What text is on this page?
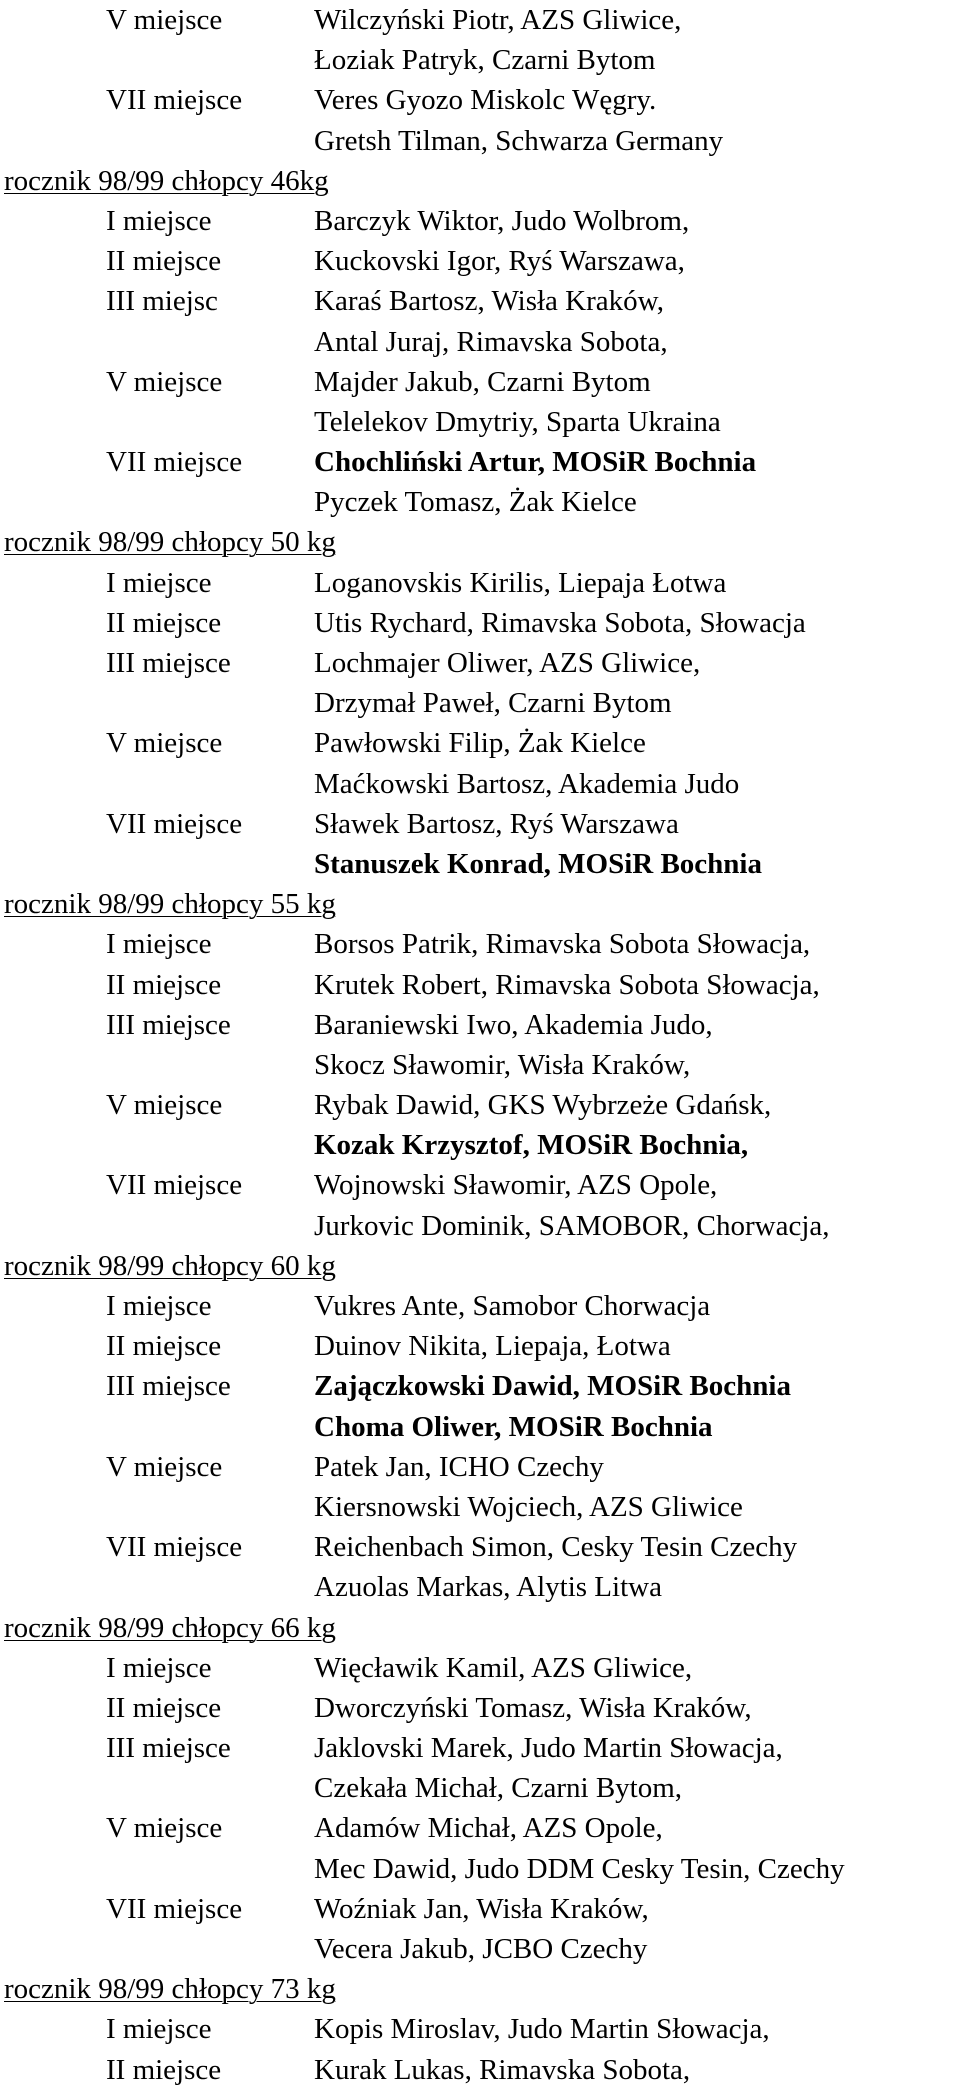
V miejsce	Wilczyński Piotr, AZS Gliwice,
Łoziak Patryk, Czarni Bytom
VII miejsce Veres Gyozo Miskolc Węgry.
Gretsh Tilman, Schwarza Germany
rocznik 98/99 chłopcy 46kg
I miejsce	Barczyk Wiktor, Judo Wolbrom,
II miejsce	Kuckovski Igor, Ryś Warszawa,
III miejsc	Karaś Bartosz, Wisła Kraków,
Antal Juraj, Rimavska Sobota,
V miejsce	Majder Jakub, Czarni Bytom
Telelekov Dmytriy, Sparta Ukraina
VII miejsce Chochliński Artur, MOSiR Bochnia
Pyczek Tomasz, Żak Kielce
rocznik 98/99 chłopcy 50 kg
I miejsce	Loganovskis Kirilis, Liepaja Łotwa
II miejsce	Utis Rychard, Rimavska Sobota, Słowacja
III miejsce	Lochmajer Oliwer, AZS Gliwice,
Drzymał Paweł, Czarni Bytom
V miejsce	Pawłowski Filip, Żak Kielce
Maćkowski Bartosz, Akademia Judo
VII miejsce Sławek Bartosz, Ryś Warszawa
Stanuszek Konrad, MOSiR Bochnia
rocznik 98/99 chłopcy 55 kg
I miejsce	Borsos Patrik, Rimavska Sobota Słowacja,
II miejsce	Krutek Robert, Rimavska Sobota Słowacja,
III miejsce	Baraniewski Iwo, Akademia Judo,
Skocz Sławomir, Wisła Kraków,
V miejsce	Rybak Dawid, GKS Wybrzeże Gdańsk,
Kozak Krzysztof, MOSiR Bochnia,
VII miejsce Wojnowski Sławomir, AZS Opole,
Jurkovic Dominik, SAMOBOR, Chorwacja,
rocznik 98/99 chłopcy 60 kg
I miejsce	Vukres Ante, Samobor Chorwacja
II miejsce	Duinov Nikita, Liepaja, Łotwa
III miejsce	Zajączkowski Dawid, MOSiR Bochnia
Choma Oliwer, MOSiR Bochnia
V miejsce	Patek Jan, ICHO Czechy
Kiersnowski Wojciech, AZS Gliwice
VII miejsce Reichenbach Simon, Cesky Tesin Czechy
Azuolas Markas, Alytis Litwa
rocznik 98/99 chłopcy 66 kg
I miejsce	Więcławik Kamil, AZS Gliwice,
II miejsce	Dworczyński Tomasz, Wisła Kraków,
III miejsce	Jaklovski Marek, Judo Martin Słowacja,
Czekała Michał, Czarni Bytom,
V miejsce	Adamów Michał, AZS Opole,
Mec Dawid, Judo DDM Cesky Tesin, Czechy
VII miejsce Woźniak Jan, Wisła Kraków,
Vecera Jakub, JCBO Czechy
rocznik 98/99 chłopcy 73 kg
I miejsce	Kopis Miroslav, Judo Martin Słowacja,
II miejsce	Kurak Lukas, Rimavska Sobota,
